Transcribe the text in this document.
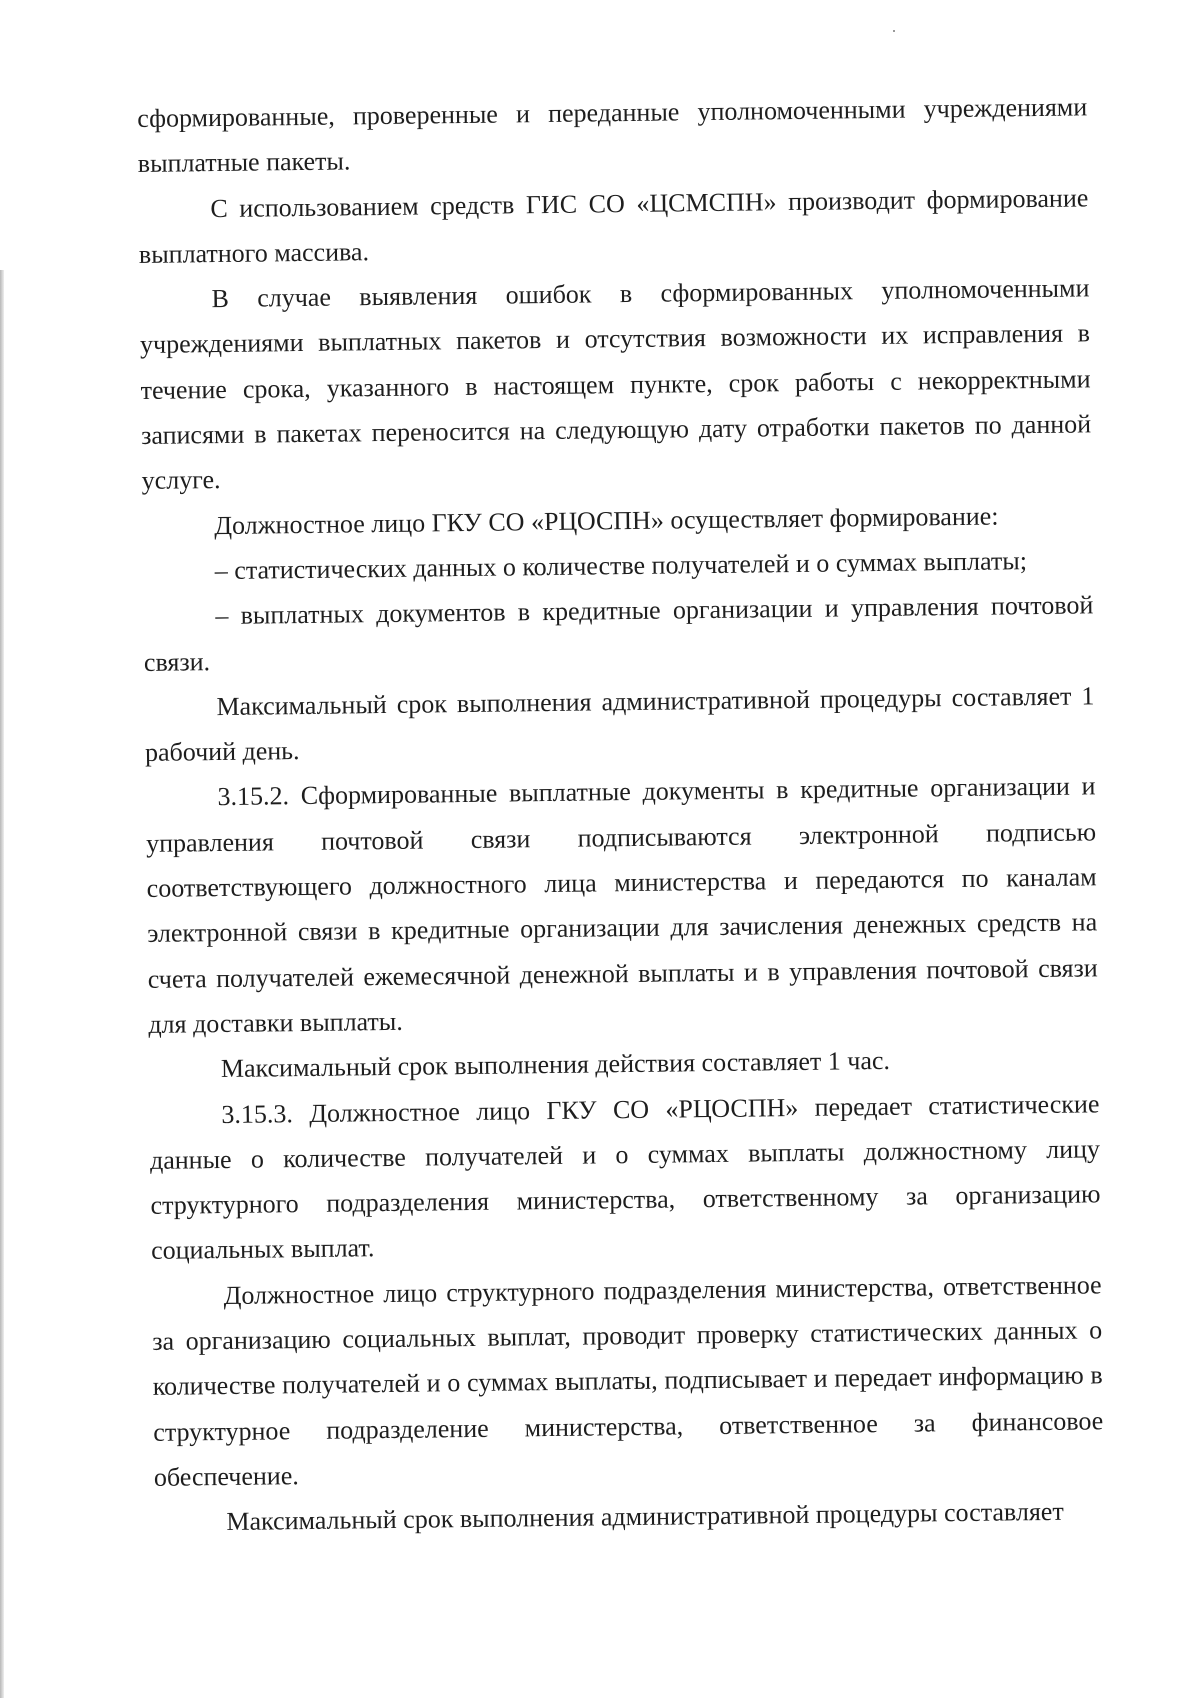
сформированные, проверенные и переданные уполномоченными учреждениями выплатные пакеты.

С использованием средств ГИС СО «ЦСМСПН» производит формирование выплатного массива.

В случае выявления ошибок в сформированных уполномоченными учреждениями выплатных пакетов и отсутствия возможности их исправления в течение срока, указанного в настоящем пункте, срок работы с некорректными записями в пакетах переносится на следующую дату отработки пакетов по данной услуге.

Должностное лицо ГКУ СО «РЦОСПН» осуществляет формирование:

– статистических данных о количестве получателей и о суммах выплаты;

– выплатных документов в кредитные организации и управления почтовой связи.

Максимальный срок выполнения административной процедуры составляет 1 рабочий день.

3.15.2. Сформированные выплатные документы в кредитные организации и управления почтовой связи подписываются электронной подписью соответствующего должностного лица министерства и передаются по каналам электронной связи в кредитные организации для зачисления денежных средств на счета получателей ежемесячной денежной выплаты и в управления почтовой связи для доставки выплаты.

Максимальный срок выполнения действия составляет 1 час.

3.15.3. Должностное лицо ГКУ СО «РЦОСПН» передает статистические данные о количестве получателей и о суммах выплаты должностному лицу структурного подразделения министерства, ответственному за организацию социальных выплат.

Должностное лицо структурного подразделения министерства, ответственное за организацию социальных выплат, проводит проверку статистических данных о количестве получателей и о суммах выплаты, подписывает и передает информацию в структурное подразделение министерства, ответственное за финансовое обеспечение.

Максимальный срок выполнения административной процедуры составляет
